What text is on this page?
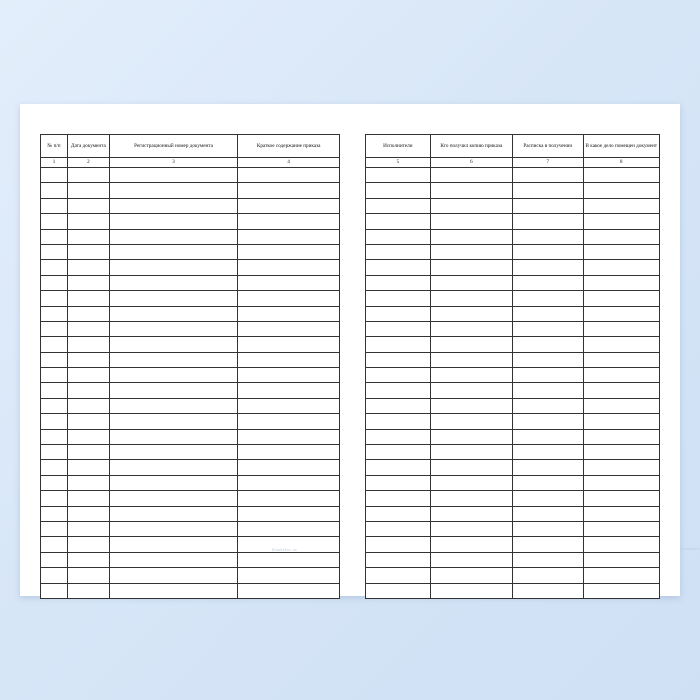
№ п/п	Дата документа	Регистрационный номер документа	Краткое содержание приказа
1	2	3	4

blankidoc.ru
Исполнители	Кто получил копию приказа	Расписка в получении	В какое дело помещен документ
5	6	7	8

blankidoc
